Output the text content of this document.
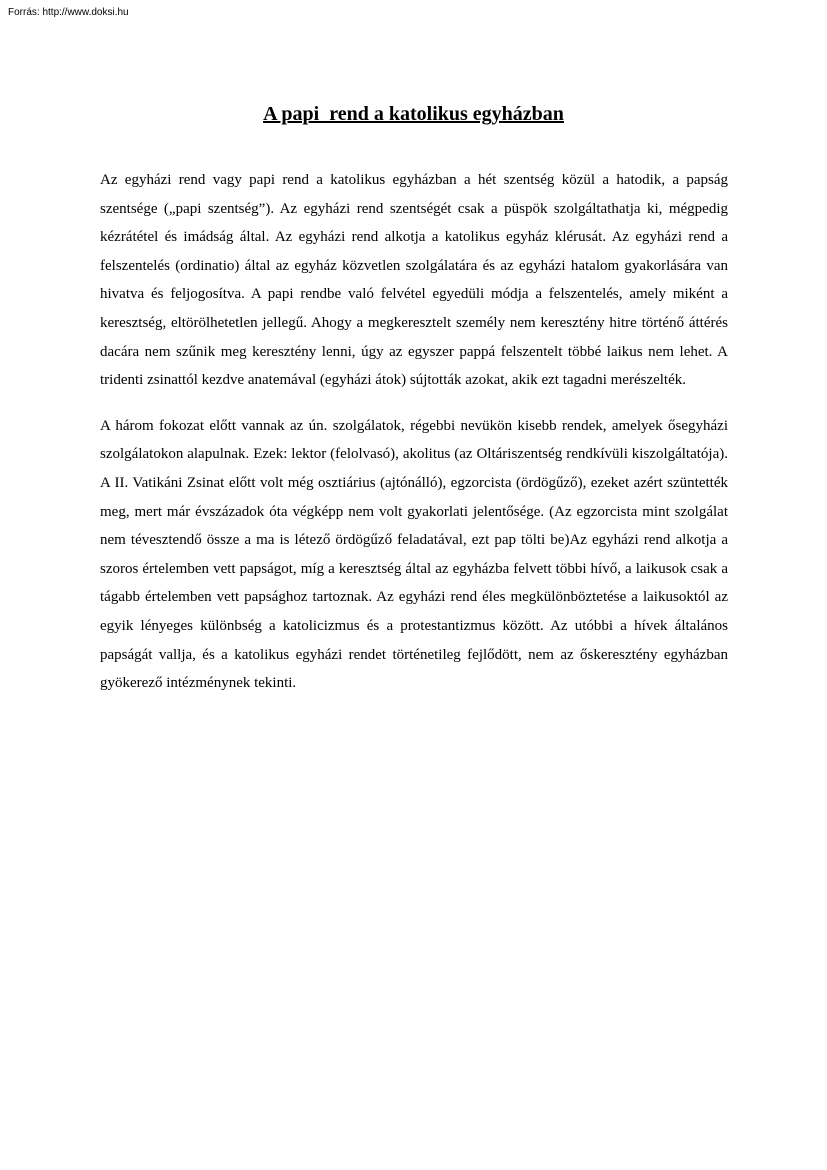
Forrás: http://www.doksi.hu
A papi  rend a katolikus egyházban

Az egyházi rend vagy papi rend a katolikus egyházban a hét szentség közül a hatodik, a papság szentsége („papi szentség”). Az egyházi rend szentségét csak a püspök szolgáltathatja ki, mégpedig kézrátétel és imádság által. Az egyházi rend alkotja a katolikus egyház klérusát. Az egyházi rend a felszentelés (ordinatio) által az egyház közvetlen szolgálatára és az egyházi hatalom gyakorlására van hivatva és feljogosítva. A papi rendbe való felvétel egyedüli módja a felszentelés, amely miként a keresztség, eltörölhetetlen jellegű. Ahogy a megkeresztelt személy nem keresztény hitre történő áttérés dacára nem szűnik meg keresztény lenni, úgy az egyszer pappá felszentelt többé laikus nem lehet. A tridenti zsinattól kezdve anatemával (egyházi átok) sújtották azokat, akik ezt tagadni merészelték.

A három fokozat előtt vannak az ún. szolgálatok, régebbi nevükön kisebb rendek, amelyek ősegyházi szolgálatokon alapulnak. Ezek: lektor (felolvasó), akolitus (az Oltáriszentség rendkívüli kiszolgáltatója). A II. Vatikáni Zsinat előtt volt még osztiárius (ajtónálló), egzorcista (ördögűző), ezeket azért szüntették meg, mert már évszázadok óta végképp nem volt gyakorlati jelentősége. (Az egzorcista mint szolgálat nem tévesztendő össze a ma is létező ördögűző feladatával, ezt pap tölti be)Az egyházi rend alkotja a szoros értelemben vett papságot, míg a keresztség által az egyházba felvett többi hívő, a laikusok csak a tágabb értelemben vett papsághoz tartoznak. Az egyházi rend éles megkülönböztetése a laikusoktól az egyik lényeges különbség a katolicizmus és a protestantizmus között. Az utóbbi a hívek általános papságát vallja, és a katolikus egyházi rendet történetileg fejlődött, nem az őskeresztény egyházban gyökerező intézménynek tekinti.
